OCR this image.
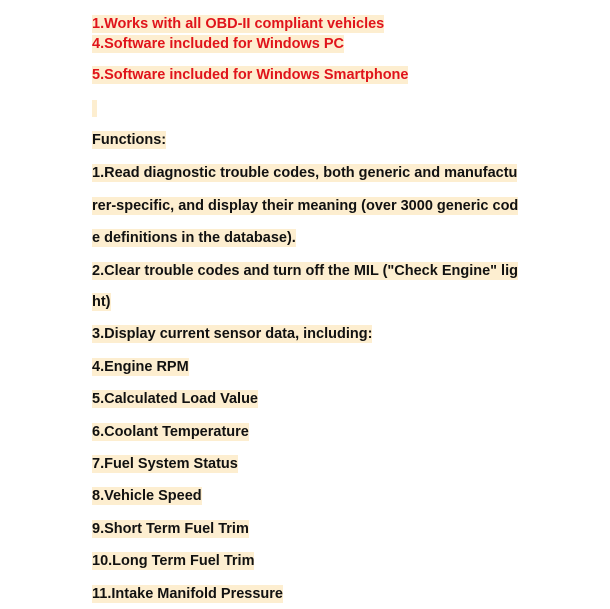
1.Works with all OBD-II compliant vehicles
4.Software included for Windows PC
5.Software included for Windows Smartphone
Functions:
1.Read diagnostic trouble codes, both generic and manufactu
rer-specific, and display their meaning (over 3000 generic cod
e definitions in the database).
2.Clear trouble codes and turn off the MIL ("Check Engine" lig
ht)
3.Display current sensor data, including:
4.Engine RPM
5.Calculated Load Value
6.Coolant Temperature
7.Fuel System Status
8.Vehicle Speed
9.Short Term Fuel Trim
10.Long Term Fuel Trim
11.Intake Manifold Pressure
